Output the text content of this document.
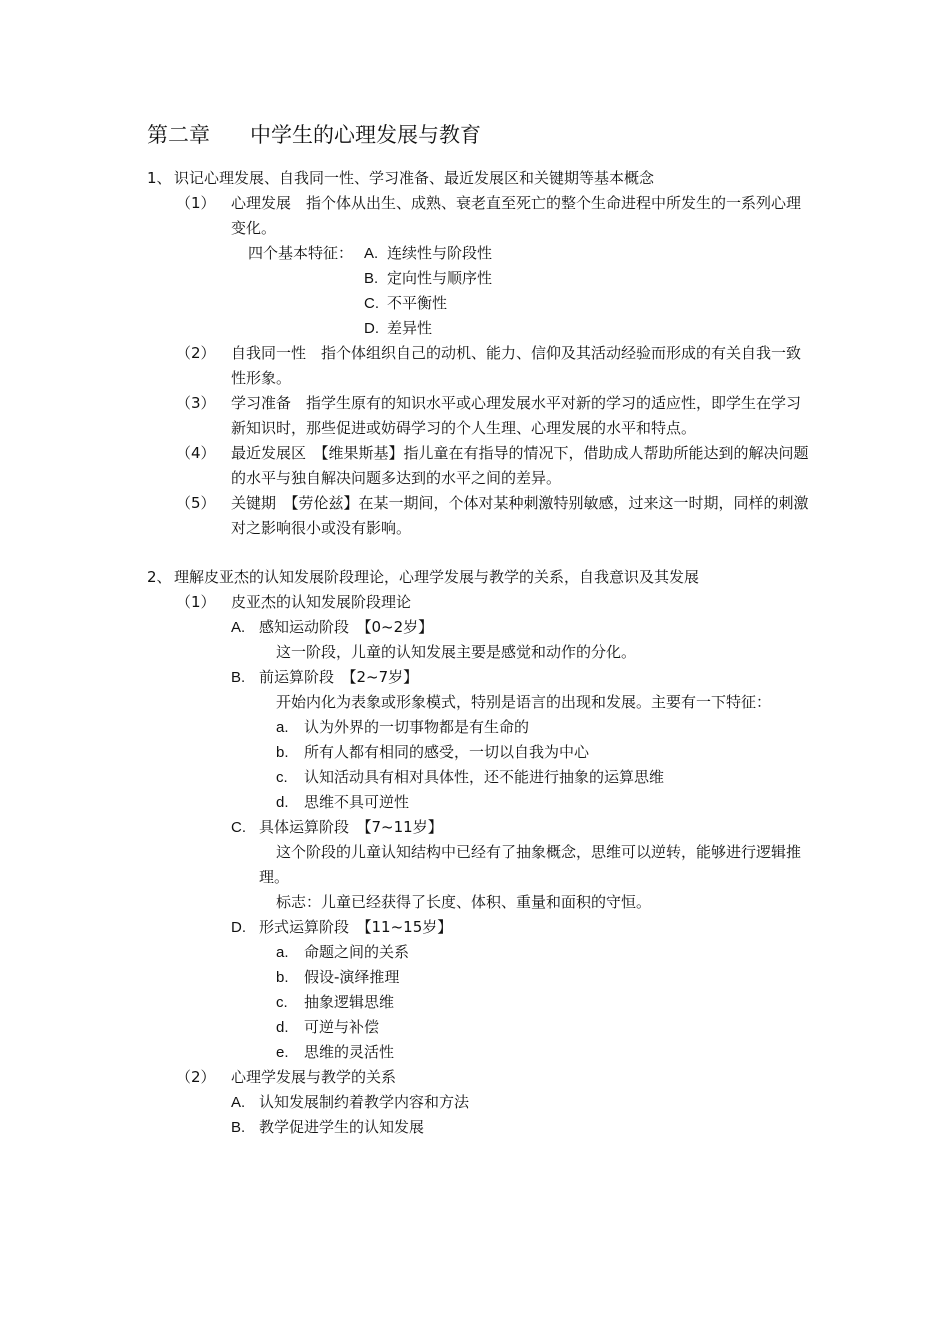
第二章 中学生的心理发展与教育
1、 识记心理发展、自我同一性、学习准备、最近发展区和关键期等基本概念
（1） 心理发展　指个体从出生、成熟、衰老直至死亡的整个生命进程中所发生的一系列心理变化。
四个基本特征： A. 连续性与阶段性
B. 定向性与顺序性
C. 不平衡性
D. 差异性
（2） 自我同一性　指个体组织自己的动机、能力、信仰及其活动经验而形成的有关自我一致性形象。
（3） 学习准备　指学生原有的知识水平或心理发展水平对新的学习的适应性，即学生在学习新知识时，那些促进或妨碍学习的个人生理、心理发展的水平和特点。
（4） 最近发展区　【维果斯基】指儿童在有指导的情况下，借助成人帮助所能达到的解决问题的水平与独自解决问题多达到的水平之间的差异。
（5） 关键期　【劳伦兹】在某一期间，个体对某种刺激特别敏感，过来这一时期，同样的刺激对之影响很小或没有影响。
2、 理解皮亚杰的认知发展阶段理论，心理学发展与教学的关系，自我意识及其发展
（1） 皮亚杰的认知发展阶段理论
A. 感知运动阶段　【0~2岁】
这一阶段，儿童的认知发展主要是感觉和动作的分化。
B. 前运算阶段　【2~7岁】
开始内化为表象或形象模式，特别是语言的出现和发展。主要有一下特征：
a. 认为外界的一切事物都是有生命的
b. 所有人都有相同的感受，一切以自我为中心
c. 认知活动具有相对具体性，还不能进行抽象的运算思维
d. 思维不具可逆性
C. 具体运算阶段　【7~11岁】
这个阶段的儿童认知结构中已经有了抽象概念，思维可以逆转，能够进行逻辑推理。
标志：儿童已经获得了长度、体积、重量和面积的守恒。
D. 形式运算阶段　【11~15岁】
a. 命题之间的关系
b. 假设-演绎推理
c. 抽象逻辑思维
d. 可逆与补偿
e. 思维的灵活性
（2） 心理学发展与教学的关系
A. 认知发展制约着教学内容和方法
B. 教学促进学生的认知发展
